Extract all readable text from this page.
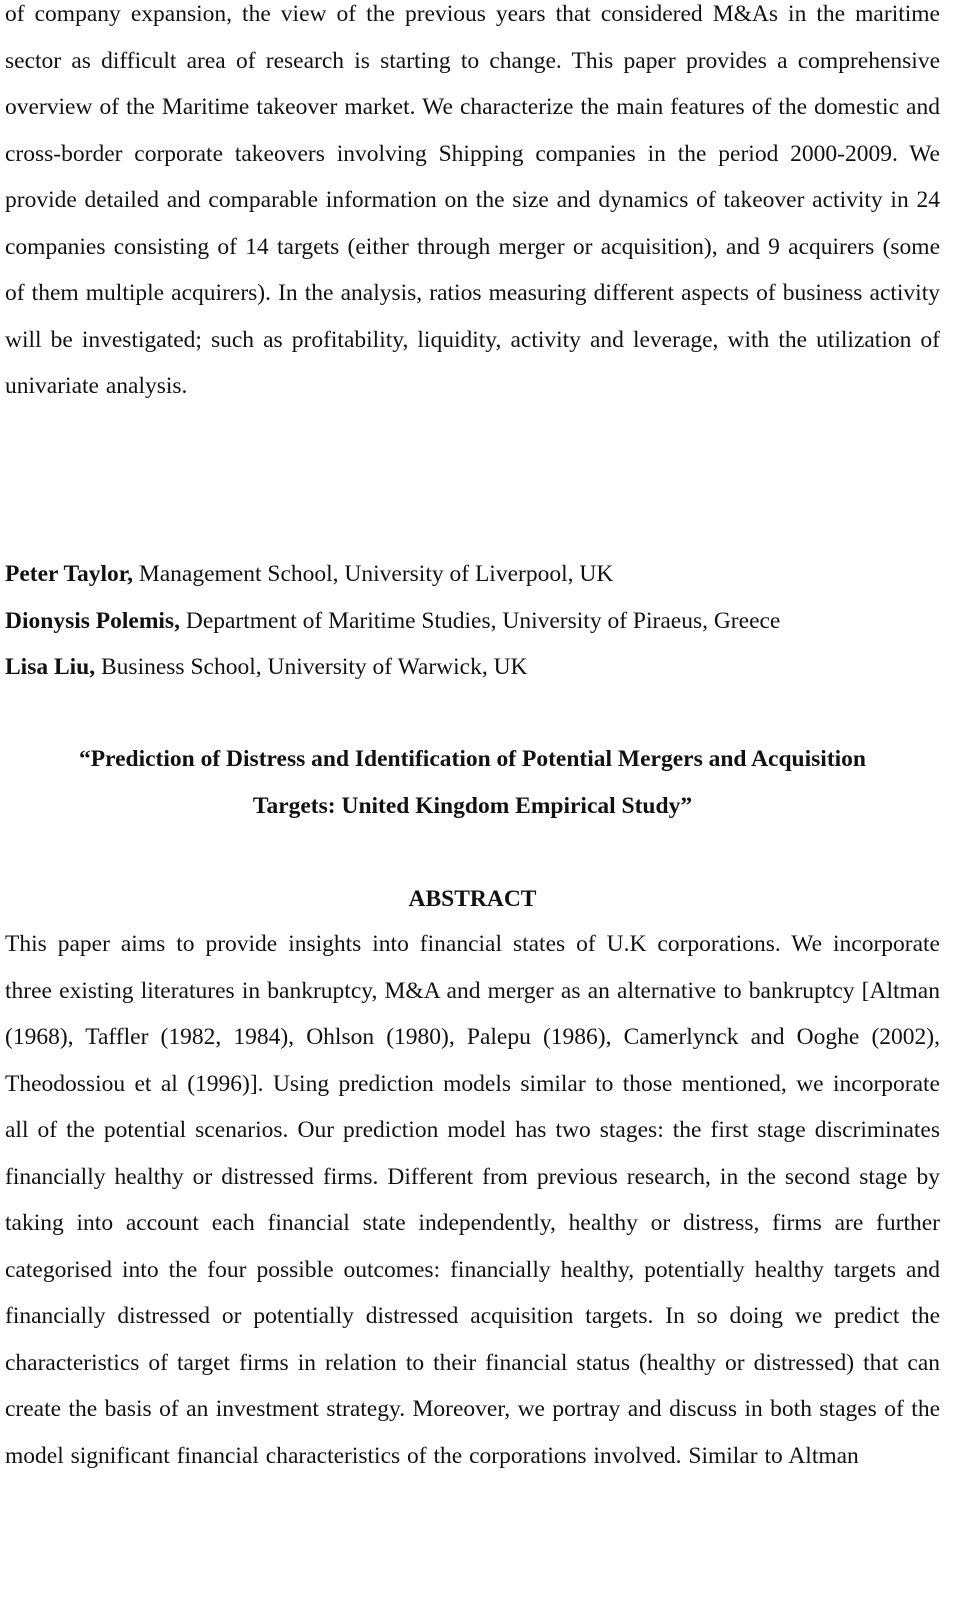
of company expansion, the view of the previous years that considered M&As in the maritime sector as difficult area of research is starting to change. This paper provides a comprehensive overview of the Maritime takeover market. We characterize the main features of the domestic and cross-border corporate takeovers involving Shipping companies in the period 2000-2009. We provide detailed and comparable information on the size and dynamics of takeover activity in 24 companies consisting of 14 targets (either through merger or acquisition), and 9 acquirers (some of them multiple acquirers). In the analysis, ratios measuring different aspects of business activity will be investigated; such as profitability, liquidity, activity and leverage, with the utilization of univariate analysis.

Peter Taylor, Management School, University of Liverpool, UK

Dionysis Polemis, Department of Maritime Studies, University of Piraeus, Greece

Lisa Liu, Business School, University of Warwick, UK

“Prediction of Distress and Identification of Potential Mergers and Acquisition
Targets: United Kingdom Empirical Study”
ABSTRACT

This paper aims to provide insights into financial states of U.K corporations. We incorporate three existing literatures in bankruptcy, M&A and merger as an alternative to bankruptcy [Altman (1968), Taffler (1982, 1984), Ohlson (1980), Palepu (1986), Camerlynck and Ooghe (2002), Theodossiou et al (1996)]. Using prediction models similar to those mentioned, we incorporate all of the potential scenarios. Our prediction model has two stages: the first stage discriminates financially healthy or distressed firms. Different from previous research, in the second stage by taking into account each financial state independently, healthy or distress, firms are further categorised into the four possible outcomes: financially healthy, potentially healthy targets and financially distressed or potentially distressed acquisition targets. In so doing we predict the characteristics of target firms in relation to their financial status (healthy or distressed) that can create the basis of an investment strategy. Moreover, we portray and discuss in both stages of the model significant financial characteristics of the corporations involved. Similar to Altman
